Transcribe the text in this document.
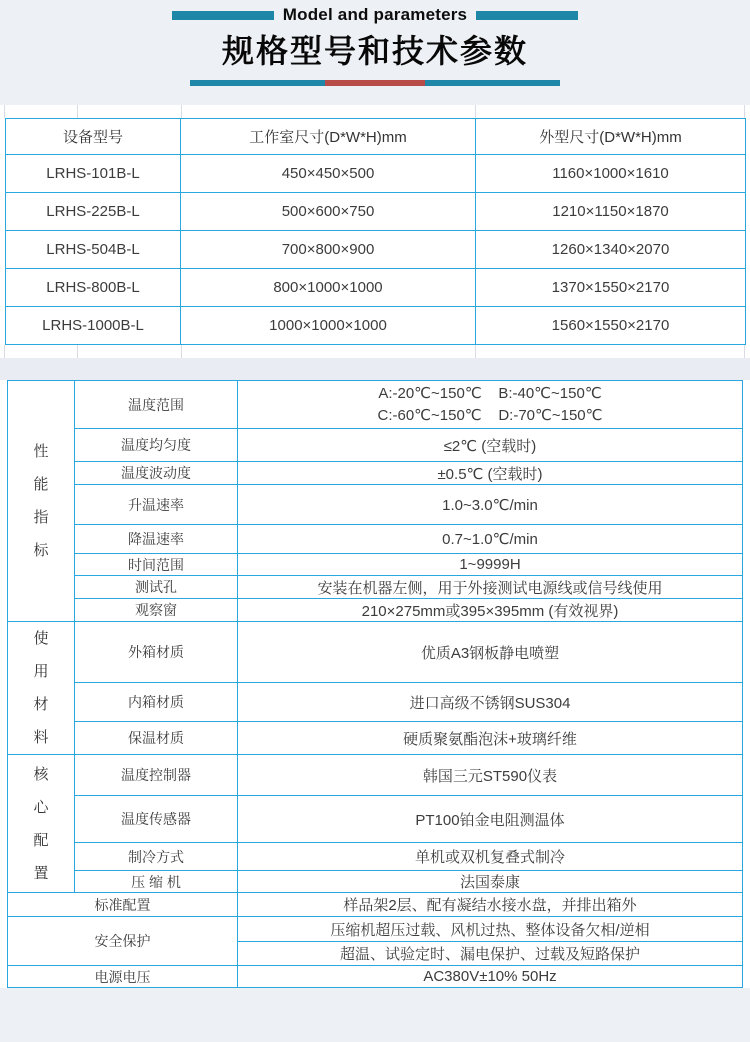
Model and parameters
规格型号和技术参数
设备型号	工作室尺寸(D*W*H)mm	外型尺寸(D*W*H)mm
LRHS-101B-L	450×450×500	1160×1000×1610
LRHS-225B-L	500×600×750	1210×1150×1870
LRHS-504B-L	700×800×900	1260×1340×2070
LRHS-800B-L	800×1000×1000	1370×1550×2170
LRHS-1000B-L	1000×1000×1000	1560×1550×2170
性能指标	温度范围	A:-20℃~150℃    B:-40℃~150℃
C:-60℃~150℃    D:-70℃~150℃

	温度均匀度	≤2℃ (空载时)
	温度波动度	±0.5℃ (空载时)
	升温速率	1.0~3.0℃/min
	降温速率	0.7~1.0℃/min
	时间范围	1~9999H
	测试孔	安装在机器左侧，用于外接测试电源线或信号线使用
	观察窗	210×275mm或395×395mm (有效视界)
使用材料	外箱材质	优质A3钢板静电喷塑
	内箱材质	进口高级不锈钢SUS304
	保温材质	硬质聚氨酯泡沫+玻璃纤维
核心配置	温度控制器	韩国三元ST590仪表
	温度传感器	PT100铂金电阻测温体
	制冷方式	单机或双机复叠式制冷
	压 缩 机	法国泰康
标准配置		样品架2层、配有凝结水接水盘，并排出箱外
安全保护		压缩机超压过载、风机过热、整体设备欠相/逆相
		超温、试验定时、漏电保护、过载及短路保护
电源电压		AC380V±10% 50Hz
